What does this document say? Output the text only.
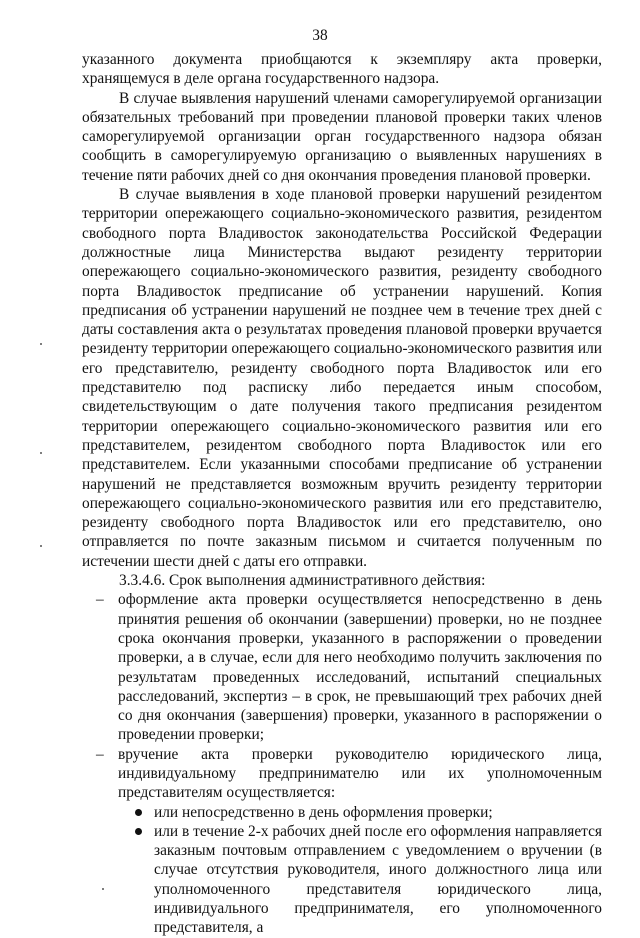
38

указанного документа приобщаются к экземпляру акта проверки, хранящемуся в деле органа государственного надзора.

В случае выявления нарушений членами саморегулируемой организации обязательных требований при проведении плановой проверки таких членов саморегулируемой организации орган государственного надзора обязан сообщить в саморегулируемую организацию о выявленных нарушениях в течение пяти рабочих дней со дня окончания проведения плановой проверки.

В случае выявления в ходе плановой проверки нарушений резидентом территории опережающего социально-экономического развития, резидентом свободного порта Владивосток законодательства Российской Федерации должностные лица Министерства выдают резиденту территории опережающего социально-экономического развития, резиденту свободного порта Владивосток предписание об устранении нарушений. Копия предписания об устранении нарушений не позднее чем в течение трех дней с даты составления акта о результатах проведения плановой проверки вручается резиденту территории опережающего социально-экономического развития или его представителю, резиденту свободного порта Владивосток или его представителю под расписку либо передается иным способом, свидетельствующим о дате получения такого предписания резидентом территории опережающего социально-экономического развития или его представителем, резидентом свободного порта Владивосток или его представителем. Если указанными способами предписание об устранении нарушений не представляется возможным вручить резиденту территории опережающего социально-экономического развития или его представителю, резиденту свободного порта Владивосток или его представителю, оно отправляется по почте заказным письмом и считается полученным по истечении шести дней с даты его отправки.

3.3.4.6. Срок выполнения административного действия:

– оформление акта проверки осуществляется непосредственно в день принятия решения об окончании (завершении) проверки, но не позднее срока окончания проверки, указанного в распоряжении о проведении проверки, а в случае, если для него необходимо получить заключения по результатам проведенных исследований, испытаний специальных расследований, экспертиз – в срок, не превышающий трех рабочих дней со дня окончания (завершения) проверки, указанного в распоряжении о проведении проверки;
– вручение акта проверки руководителю юридического лица, индивидуальному предпринимателю или их уполномоченным представителям осуществляется:
или непосредственно в день оформления проверки;
или в течение 2-х рабочих дней после его оформления направляется заказным почтовым отправлением с уведомлением о вручении (в случае отсутствия руководителя, иного должностного лица или уполномоченного представителя юридического лица, индивидуального предпринимателя, его уполномоченного представителя, а
